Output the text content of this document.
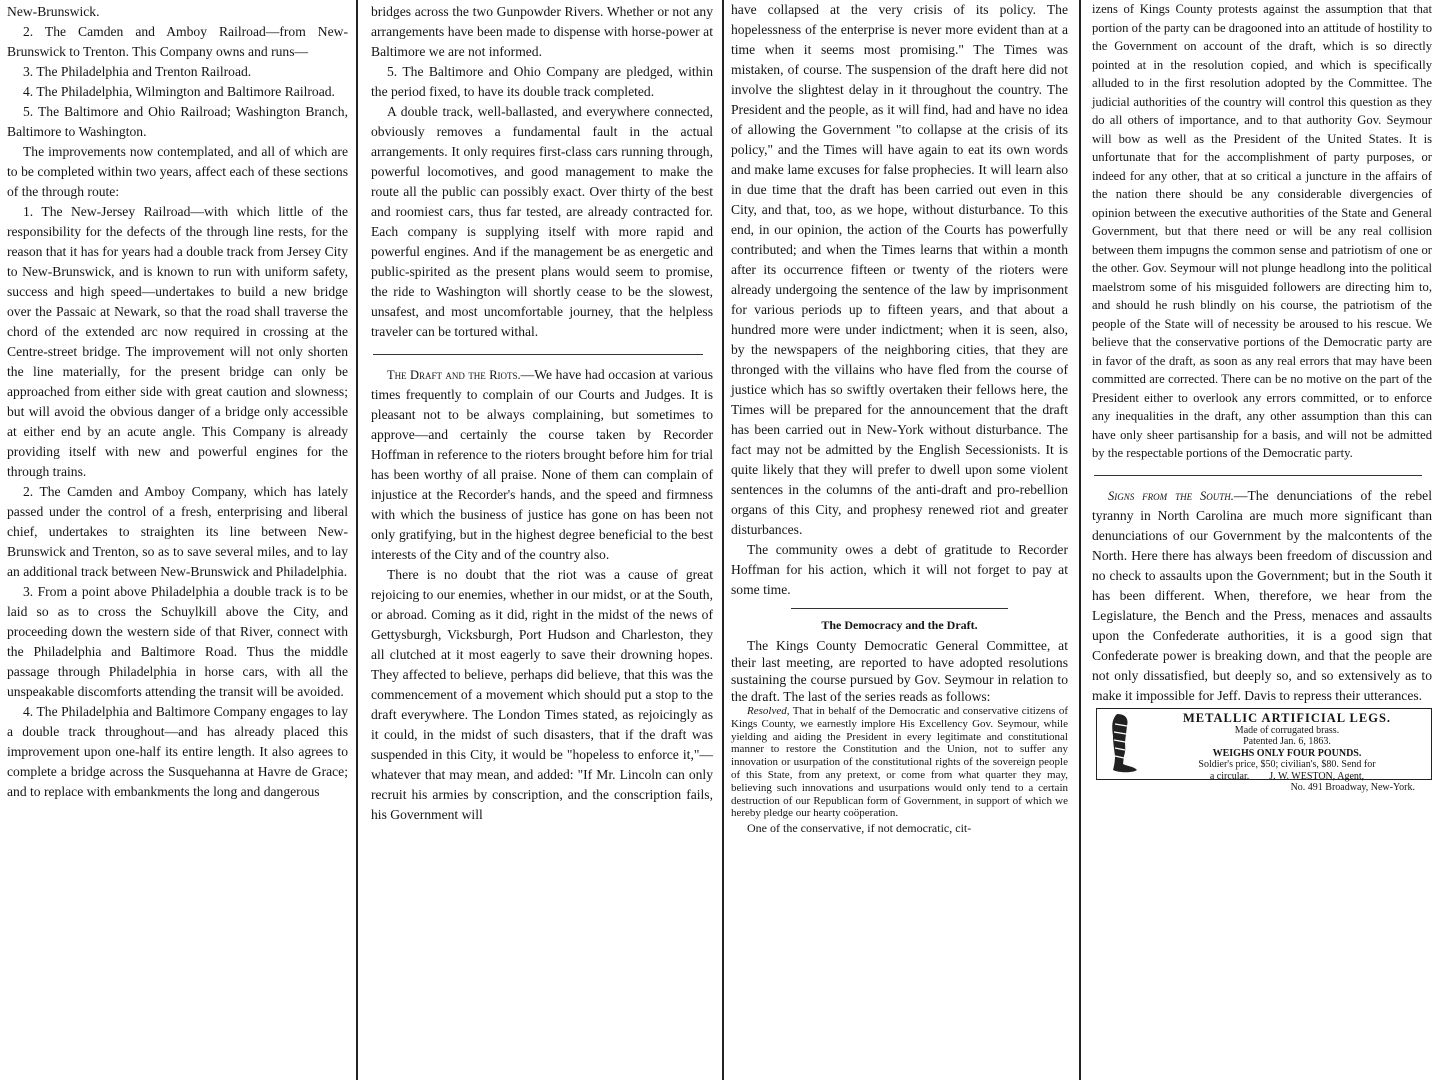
New-Brunswick.

2. The Camden and Amboy Railroad—from New-Brunswick to Trenton. This Company owns and runs—

3. The Philadelphia and Trenton Railroad.

4. The Philadelphia, Wilmington and Baltimore Railroad.

5. The Baltimore and Ohio Railroad; Washington Branch, Baltimore to Washington.

The improvements now contemplated, and all of which are to be completed within two years, affect each of these sections of the through route:

1. The New-Jersey Railroad—with which little of the responsibility for the defects of the through line rests, for the reason that it has for years had a double track from Jersey City to New-Brunswick, and is known to run with uniform safety, success and high speed—undertakes to build a new bridge over the Passaic at Newark, so that the road shall traverse the chord of the extended arc now required in crossing at the Centre-street bridge. The improvement will not only shorten the line materially, for the present bridge can only be approached from either side with great caution and slowness; but will avoid the obvious danger of a bridge only accessible at either end by an acute angle. This Company is already providing itself with new and powerful engines for the through trains.

2. The Camden and Amboy Company, which has lately passed under the control of a fresh, enterprising and liberal chief, undertakes to straighten its line between New-Brunswick and Trenton, so as to save several miles, and to lay an additional track between New-Brunswick and Philadelphia.

3. From a point above Philadelphia a double track is to be laid so as to cross the Schuylkill above the City, and proceeding down the western side of that River, connect with the Philadelphia and Baltimore Road. Thus the middle passage through Philadelphia in horse cars, with all the unspeakable discomforts attending the transit will be avoided.

4. The Philadelphia and Baltimore Company engages to lay a double track throughout—and has already placed this improvement upon one-half its entire length. It also agrees to complete a bridge across the Susquehanna at Havre de Grace; and to replace with embankments the long and dangerous

bridges across the two Gunpowder Rivers. Whether or not any arrangements have been made to dispense with horse-power at Baltimore we are not informed.

5. The Baltimore and Ohio Company are pledged, within the period fixed, to have its double track completed.

A double track, well-ballasted, and everywhere connected, obviously removes a fundamental fault in the actual arrangements. It only requires first-class cars running through, powerful locomotives, and good management to make the route all the public can possibly exact. Over thirty of the best and roomiest cars, thus far tested, are already contracted for. Each company is supplying itself with more rapid and powerful engines. And if the management be as energetic and public-spirited as the present plans would seem to promise, the ride to Washington will shortly cease to be the slowest, unsafest, and most uncomfortable journey, that the helpless traveler can be tortured withal.

The Draft and the Riots.—We have had occasion at various times frequently to complain of our Courts and Judges. It is pleasant not to be always complaining, but sometimes to approve—and certainly the course taken by Recorder Hoffman in reference to the rioters brought before him for trial has been worthy of all praise. None of them can complain of injustice at the Recorder's hands, and the speed and firmness with which the business of justice has gone on has been not only gratifying, but in the highest degree beneficial to the best interests of the City and of the country also.

There is no doubt that the riot was a cause of great rejoicing to our enemies, whether in our midst, or at the South, or abroad. Coming as it did, right in the midst of the news of Gettysburgh, Vicksburgh, Port Hudson and Charleston, they all clutched at it most eagerly to save their drowning hopes. They affected to believe, perhaps did believe, that this was the commencement of a movement which should put a stop to the draft everywhere. The London Times stated, as rejoicingly as it could, in the midst of such disasters, that if the draft was suspended in this City, it would be "hopeless to enforce it,"—whatever that may mean, and added: "If Mr. Lincoln can only recruit his armies by conscription, and the conscription fails, his Government will

have collapsed at the very crisis of its policy. The hopelessness of the enterprise is never more evident than at a time when it seems most promising." The Times was mistaken, of course. The suspension of the draft here did not involve the slightest delay in it throughout the country. The President and the people, as it will find, had and have no idea of allowing the Government "to collapse at the crisis of its policy," and the Times will have again to eat its own words and make lame excuses for false prophecies. It will learn also in due time that the draft has been carried out even in this City, and that, too, as we hope, without disturbance. To this end, in our opinion, the action of the Courts has powerfully contributed; and when the Times learns that within a month after its occurrence fifteen or twenty of the rioters were already undergoing the sentence of the law by imprisonment for various periods up to fifteen years, and that about a hundred more were under indictment; when it is seen, also, by the newspapers of the neighboring cities, that they are thronged with the villains who have fled from the course of justice which has so swiftly overtaken their fellows here, the Times will be prepared for the announcement that the draft has been carried out in New-York without disturbance. The fact may not be admitted by the English Secessionists. It is quite likely that they will prefer to dwell upon some violent sentences in the columns of the anti-draft and pro-rebellion organs of this City, and prophesy renewed riot and greater disturbances.

The community owes a debt of gratitude to Recorder Hoffman for his action, which it will not forget to pay at some time.

The Democracy and the Draft.

The Kings County Democratic General Committee, at their last meeting, are reported to have adopted resolutions sustaining the course pursued by Gov. Seymour in relation to the draft. The last of the series reads as follows:

Resolved, That in behalf of the Democratic and conservative citizens of Kings County, we earnestly implore His Excellency Gov. Seymour, while yielding and aiding the President in every legitimate and constitutional manner to restore the Constitution and the Union, not to suffer any innovation or usurpation of the constitutional rights of the sovereign people of this State, from any pretext, or come from what quarter they may, believing such innovations and usurpations would only tend to a certain destruction of our Republican form of Government, in support of which we hereby pledge our hearty coöperation.

One of the conservative, if not democratic, cit-

izens of Kings County protests against the assumption that that portion of the party can be dragooned into an attitude of hostility to the Government on account of the draft, which is so directly pointed at in the resolution copied, and which is specifically alluded to in the first resolution adopted by the Committee. The judicial authorities of the country will control this question as they do all others of importance, and to that authority Gov. Seymour will bow as well as the President of the United States. It is unfortunate that for the accomplishment of party purposes, or indeed for any other, that at so critical a juncture in the affairs of the nation there should be any considerable divergencies of opinion between the executive authorities of the State and General Government, but that there need or will be any real collision between them impugns the common sense and patriotism of one or the other. Gov. Seymour will not plunge headlong into the political maelstrom some of his misguided followers are directing him to, and should he rush blindly on his course, the patriotism of the people of the State will of necessity be aroused to his rescue. We believe that the conservative portions of the Democratic party are in favor of the draft, as soon as any real errors that may have been committed are corrected. There can be no motive on the part of the President either to overlook any errors committed, or to enforce any inequalities in the draft, any other assumption than this can have only sheer partisanship for a basis, and will not be admitted by the respectable portions of the Democratic party.

Signs from the South.—The denunciations of the rebel tyranny in North Carolina are much more significant than denunciations of our Government by the malcontents of the North. Here there has always been freedom of discussion and no check to assaults upon the Government; but in the South it has been different. When, therefore, we hear from the Legislature, the Bench and the Press, menaces and assaults upon the Confederate authorities, it is a good sign that Confederate power is breaking down, and that the people are not only dissatisfied, but deeply so, and so extensively as to make it impossible for Jeff. Davis to repress their utterances.

METALLIC ARTIFICIAL LEGS.
Made of corrugated brass.
Patented Jan. 6, 1863.
WEIGHS ONLY FOUR POUNDS.
Soldier's price, $50; civilian's, $80. Send for
a circular.        J. W. WESTON, Agent,
No. 491 Broadway, New-York.
